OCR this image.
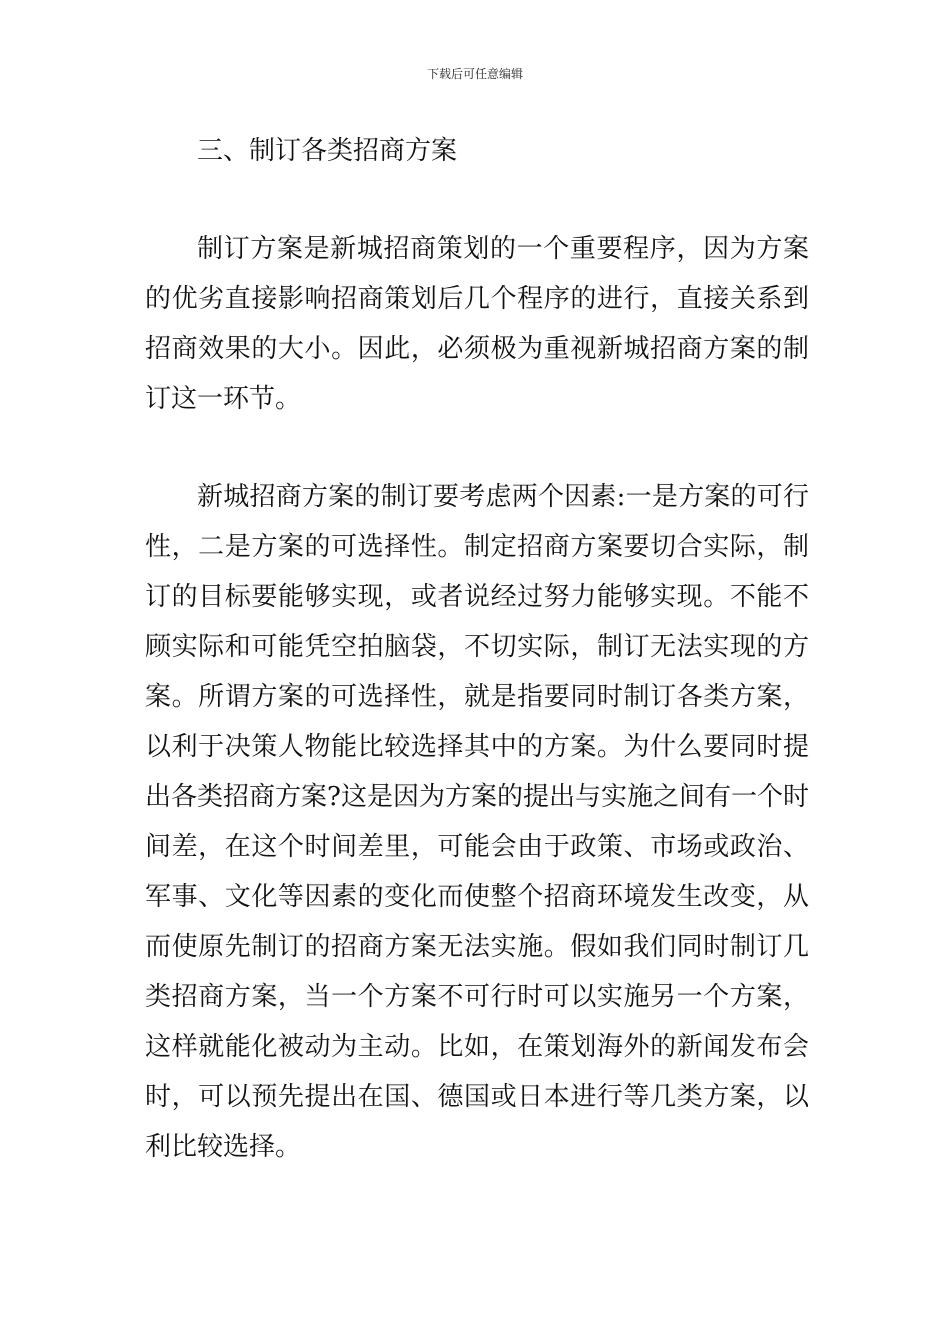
下载后可任意编辑
三、制订各类招商方案

制订方案是新城招商策划的一个重要程序，因为方案的优劣直接影响招商策划后几个程序的进行，直接关系到招商效果的大小。因此，必须极为重视新城招商方案的制订这一环节。

新城招商方案的制订要考虑两个因素:一是方案的可行性，二是方案的可选择性。制定招商方案要切合实际，制订的目标要能够实现，或者说经过努力能够实现。不能不顾实际和可能凭空拍脑袋，不切实际，制订无法实现的方案。所谓方案的可选择性，就是指要同时制订各类方案，以利于决策人物能比较选择其中的方案。为什么要同时提出各类招商方案?这是因为方案的提出与实施之间有一个时间差，在这个时间差里，可能会由于政策、市场或政治、军事、文化等因素的变化而使整个招商环境发生改变，从而使原先制订的招商方案无法实施。假如我们同时制订几类招商方案，当一个方案不可行时可以实施另一个方案，这样就能化被动为主动。比如，在策划海外的新闻发布会时，可以预先提出在国、德国或日本进行等几类方案，以利比较选择。
